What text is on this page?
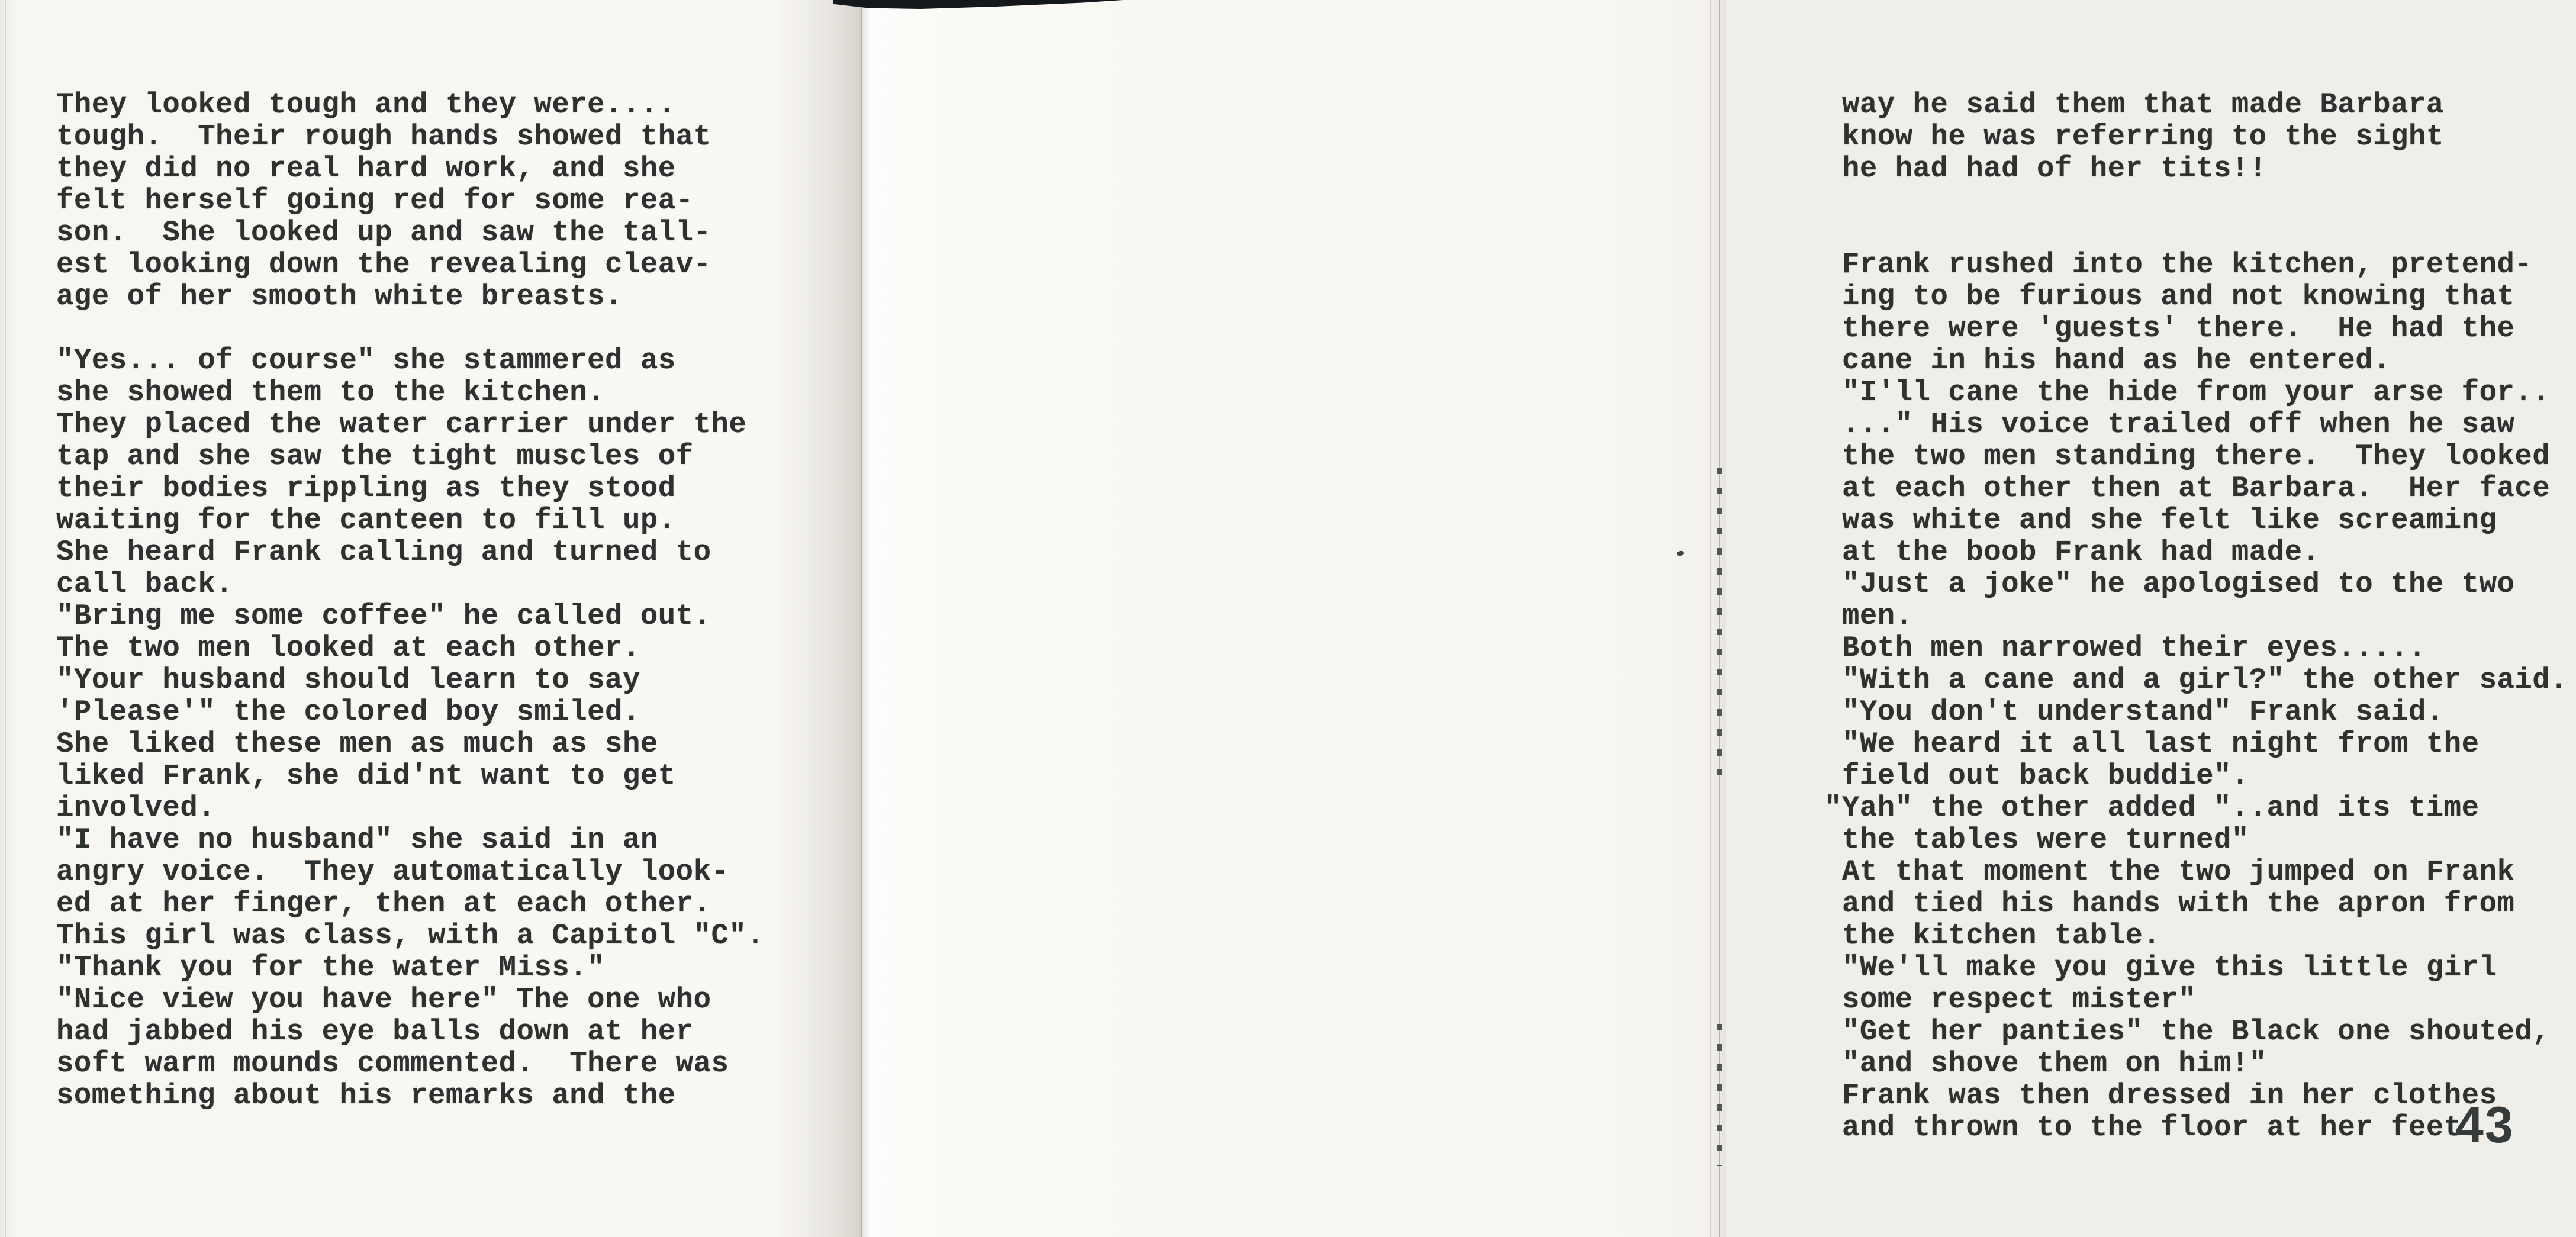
They looked tough and they were....
tough.  Their rough hands showed that
they did no real hard work, and she
felt herself going red for some rea-
son.  She looked up and saw the tall-
est looking down the revealing cleav-
age of her smooth white breasts.

"Yes... of course" she stammered as
she showed them to the kitchen.
They placed the water carrier under the
tap and she saw the tight muscles of
their bodies rippling as they stood
waiting for the canteen to fill up.
She heard Frank calling and turned to
call back.
"Bring me some coffee" he called out.
The two men looked at each other.
"Your husband should learn to say
'Please'" the colored boy smiled.
She liked these men as much as she
liked Frank, she did'nt want to get
involved.
"I have no husband" she said in an
angry voice.  They automatically look-
ed at her finger, then at each other.
This girl was class, with a Capitol "C".
"Thank you for the water Miss."
"Nice view you have here" The one who
had jabbed his eye balls down at her
soft warm mounds commented.  There was
something about his remarks and the
way he said them that made Barbara
know he was referring to the sight
he had had of her tits!!

Frank rushed into the kitchen, pretend-
ing to be furious and not knowing that
there were 'guests' there.  He had the
cane in his hand as he entered.
"I'll cane the hide from your arse for..
..." His voice trailed off when he saw
the two men standing there.  They looked
at each other then at Barbara.  Her face
was white and she felt like screaming
at the boob Frank had made.
"Just a joke" he apologised to the two
men.
Both men narrowed their eyes.....
"With a cane and a girl?" the other said.
"You don't understand" Frank said.
"We heard it all last night from the
field out back buddie".
"Yah" the other added "..and its time
the tables were turned"
At that moment the two jumped on Frank
and tied his hands with the apron from
the kitchen table.
"We'll make you give this little girl
some respect mister"
"Get her panties" the Black one shouted,
"and shove them on him!"
Frank was then dressed in her clothes
and thrown to the floor at her feet.
43
